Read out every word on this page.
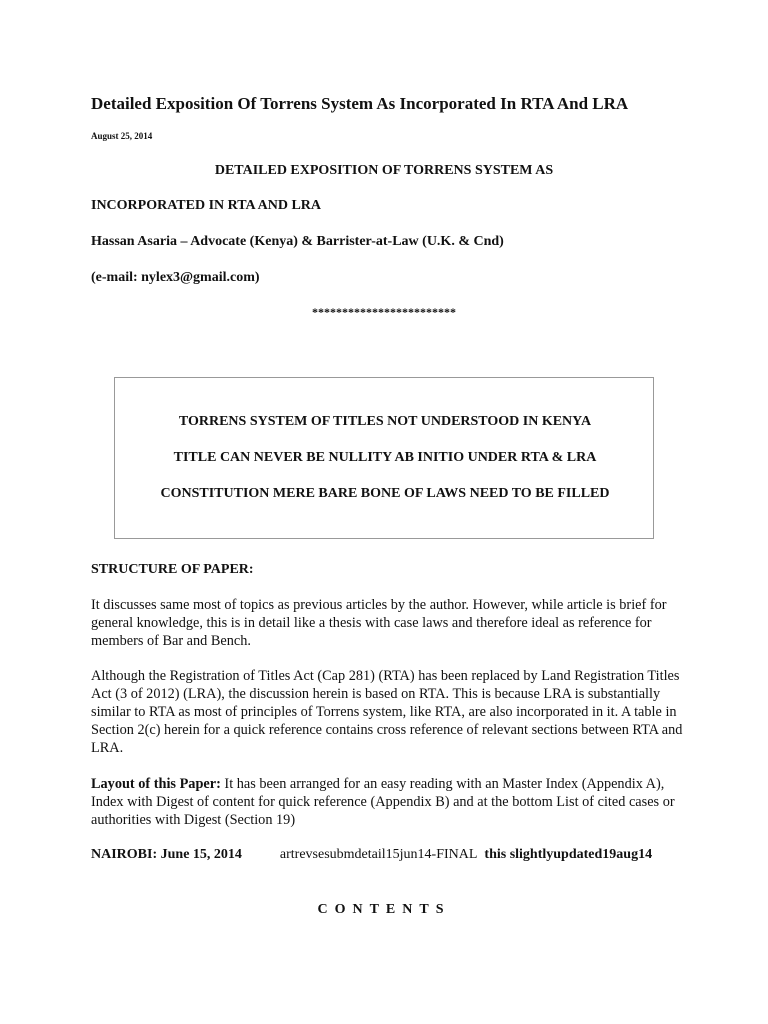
Detailed Exposition Of Torrens System As Incorporated In RTA And LRA
August 25, 2014
DETAILED EXPOSITION OF TORRENS SYSTEM AS
INCORPORATED IN RTA AND LRA
Hassan Asaria – Advocate (Kenya) & Barrister-at-Law (U.K. & Cnd)
(e-mail: nylex3@gmail.com)
************************
TORRENS SYSTEM OF TITLES NOT UNDERSTOOD IN KENYA
TITLE CAN NEVER BE NULLITY AB INITIO UNDER RTA & LRA
CONSTITUTION MERE BARE BONE OF LAWS NEED TO BE FILLED
STRUCTURE OF PAPER:

It discusses same most of topics as previous articles by the author. However, while article is brief for general knowledge, this is in detail like a thesis with case laws and therefore ideal as reference for members of Bar and Bench.

Although the Registration of Titles Act (Cap 281) (RTA) has been replaced by Land Registration Titles Act (3 of 2012) (LRA), the discussion herein is based on RTA. This is because LRA is substantially similar to RTA as most of principles of Torrens system, like RTA, are also incorporated in it. A table in Section 2(c) herein for a quick reference contains cross reference of relevant sections between RTA and LRA.

Layout of this Paper: It has been arranged for an easy reading with an Master Index (Appendix A), Index with Digest of content for quick reference (Appendix B) and at the bottom List of cited cases or authorities with Digest (Section 19)

NAIROBI: June 15, 2014	artrevsesubmdetail15jun14-FINAL this slightlyupdated19aug14
CONTENTS
